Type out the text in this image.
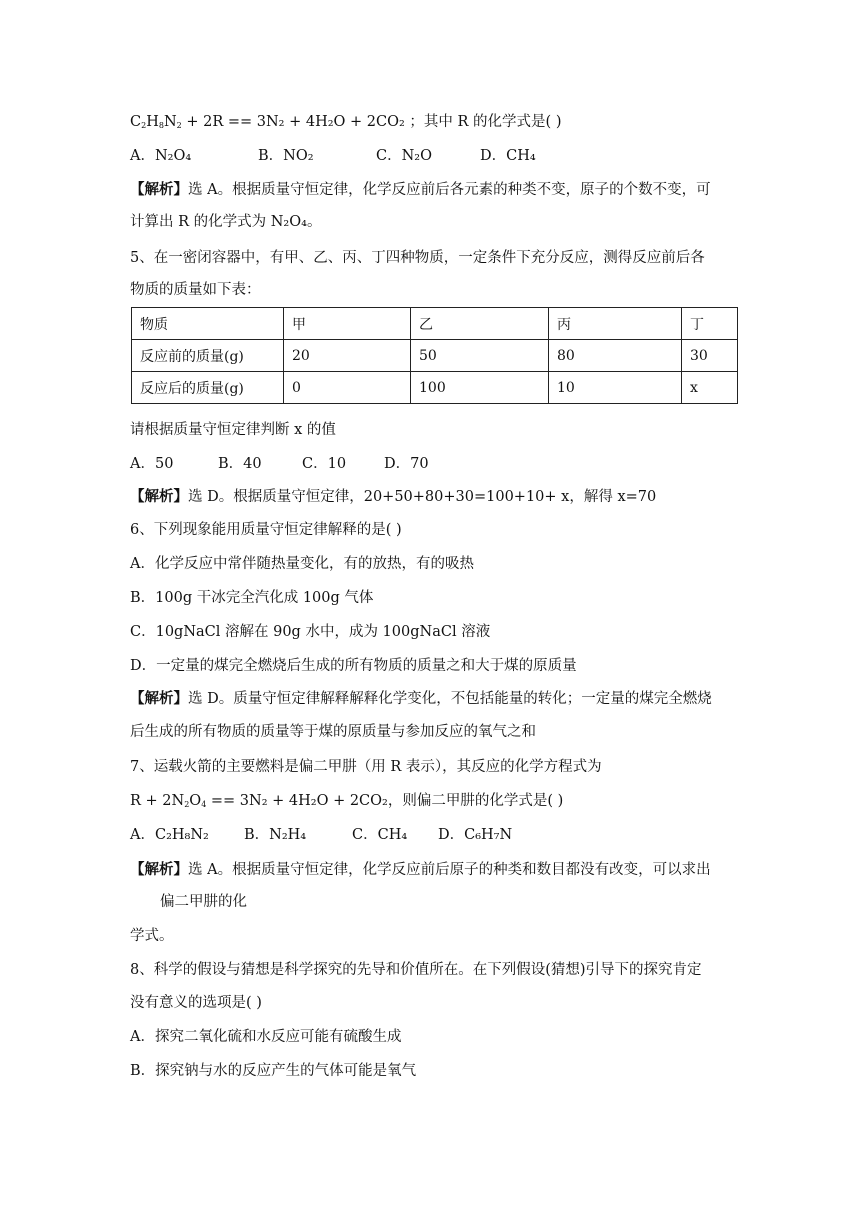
$C_2H_8N_2 + 2R == 3N_2 + 4H_2O + 2CO_2$ ；其中 R 的化学式是( )
A．N₂O₄	B．NO₂	C．N₂O	D．CH₄
【解析】选 A。根据质量守恒定律，化学反应前后各元素的种类不变，原子的个数不变，可
计算出 R 的化学式为 N₂O₄。
5、在一密闭容器中，有甲、乙、丙、丁四种物质，一定条件下充分反应，测得反应前后各
物质的质量如下表：
物质	甲	乙	丙	丁
反应前的质量(g)	20	50	80	30
反应后的质量(g)	0	100	10	x
请根据质量守恒定律判断 x 的值
A．50	B．40	C．10	D．70
【解析】选 D。根据质量守恒定律，20+50+80+30=100+10+ x，解得 x=70
6、下列现象能用质量守恒定律解释的是( )
A．化学反应中常伴随热量变化，有的放热，有的吸热
B．100g 干冰完全汽化成 100g 气体
C．10gNaCl 溶解在 90g 水中，成为 100gNaCl 溶液
D．一定量的煤完全燃烧后生成的所有物质的质量之和大于煤的原质量
【解析】选 D。质量守恒定律解释解释化学变化，不包括能量的转化；一定量的煤完全燃烧
后生成的所有物质的质量等于煤的原质量与参加反应的氧气之和
7、运载火箭的主要燃料是偏二甲肼（用 R 表示），其反应的化学方程式为
$R + 2N_2O_4 == 3N_2 + 4H_2O + 2CO_2$，则偏二甲肼的化学式是( )
A．C₂H₈N₂ B．N₂H₄	C．CH₄ D．C₆H₇N
【解析】选 A。根据质量守恒定律，化学反应前后原子的种类和数目都没有改变，可以求出
偏二甲肼的化
学式。
8、科学的假设与猜想是科学探究的先导和价值所在。在下列假设(猜想)引导下的探究肯定
没有意义的选项是( )
A．探究二氧化硫和水反应可能有硫酸生成
B．探究钠与水的反应产生的气体可能是氧气
